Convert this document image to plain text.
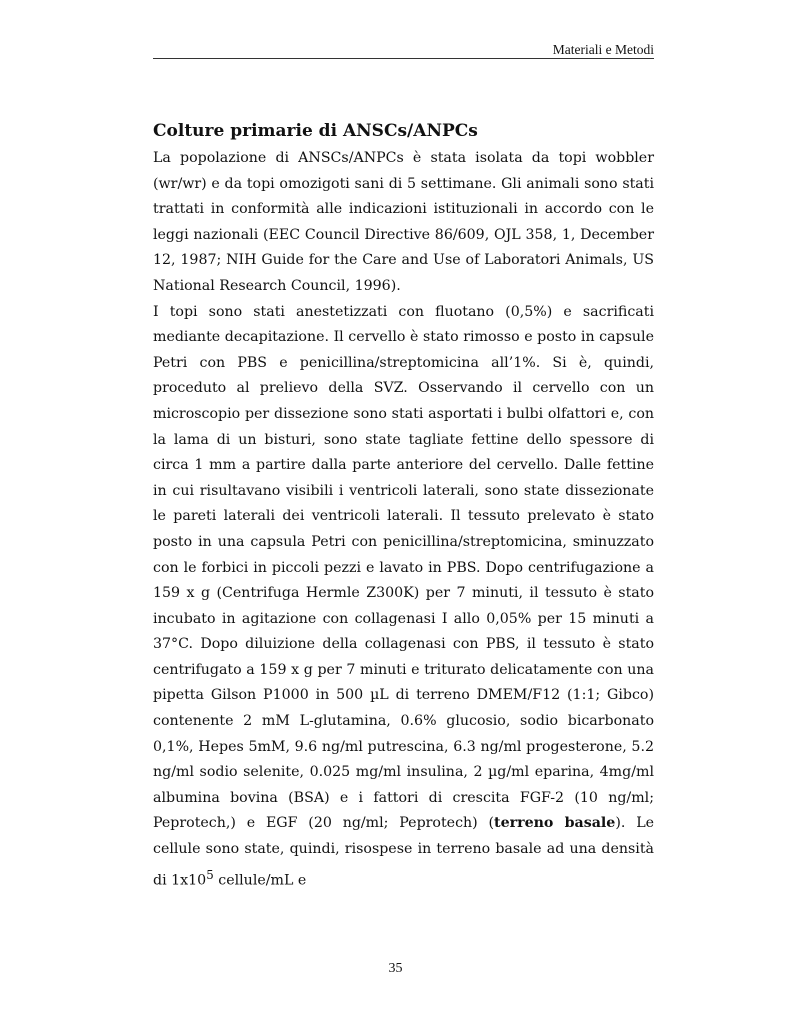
Materiali e Metodi
Colture primarie di ANSCs/ANPCs

La popolazione di ANSCs/ANPCs è stata isolata da topi wobbler (wr/wr) e da topi omozigoti sani di 5 settimane. Gli animali sono stati trattati in conformità alle indicazioni istituzionali in accordo con le leggi nazionali (EEC Council Directive 86/609, OJL 358, 1, December 12, 1987; NIH Guide for the Care and Use of Laboratori Animals, US National Research Council, 1996).

I topi sono stati anestetizzati con fluotano (0,5%) e sacrificati mediante decapitazione. Il cervello è stato rimosso e posto in capsule Petri con PBS e penicillina/streptomicina all’1%. Si è, quindi, proceduto al prelievo della SVZ. Osservando il cervello con un microscopio per dissezione sono stati asportati i bulbi olfattori e, con la lama di un bisturi, sono state tagliate fettine dello spessore di circa 1 mm a partire dalla parte anteriore del cervello. Dalle fettine in cui risultavano visibili i ventricoli laterali, sono state dissezionate le pareti laterali dei ventricoli laterali. Il tessuto prelevato è stato posto in una capsula Petri con penicillina/streptomicina, sminuzzato con le forbici in piccoli pezzi e lavato in PBS. Dopo centrifugazione a 159 x g (Centrifuga Hermle Z300K) per 7 minuti, il tessuto è stato incubato in agitazione con collagenasi I allo 0,05% per 15 minuti a 37°C. Dopo diluizione della collagenasi con PBS, il tessuto è stato centrifugato a 159 x g per 7 minuti e triturato delicatamente con una pipetta Gilson P1000 in 500 µL di terreno DMEM/F12 (1:1; Gibco) contenente 2 mM L-glutamina, 0.6% glucosio, sodio bicarbonato 0,1%, Hepes 5mM, 9.6 ng/ml putrescina, 6.3 ng/ml progesterone, 5.2 ng/ml sodio selenite, 0.025 mg/ml insulina, 2 µg/ml eparina, 4mg/ml albumina bovina (BSA) e i fattori di crescita FGF-2 (10 ng/ml; Peprotech,) e EGF (20 ng/ml; Peprotech) (terreno basale). Le cellule sono state, quindi, risospese in terreno basale ad una densità di $1x10^5$ cellule/mL e

35
